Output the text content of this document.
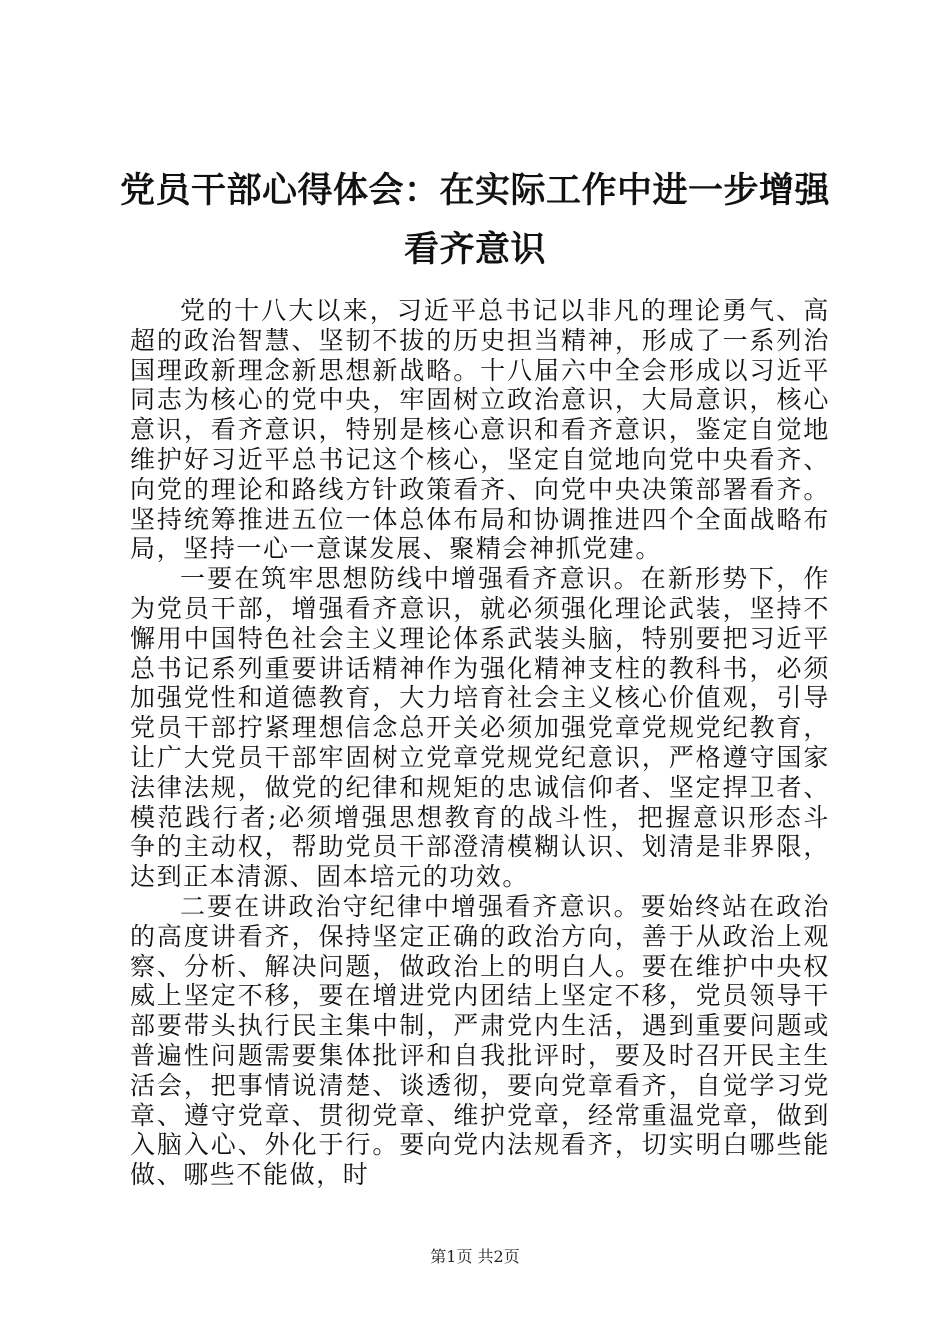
党员干部心得体会：在实际工作中进一步增强
看齐意识

党的十八大以来，习近平总书记以非凡的理论勇气、高超的政治智慧、坚韧不拔的历史担当精神，形成了一系列治国理政新理念新思想新战略。十八届六中全会形成以习近平同志为核心的党中央，牢固树立政治意识，大局意识，核心意识，看齐意识，特别是核心意识和看齐意识，鉴定自觉地维护好习近平总书记这个核心，坚定自觉地向党中央看齐、向党的理论和路线方针政策看齐、向党中央决策部署看齐。坚持统筹推进五位一体总体布局和协调推进四个全面战略布局，坚持一心一意谋发展、聚精会神抓党建。

一要在筑牢思想防线中增强看齐意识。在新形势下，作为党员干部，增强看齐意识，就必须强化理论武装，坚持不懈用中国特色社会主义理论体系武装头脑，特别要把习近平总书记系列重要讲话精神作为强化精神支柱的教科书，必须加强党性和道德教育，大力培育社会主义核心价值观，引导党员干部拧紧理想信念总开关必须加强党章党规党纪教育，让广大党员干部牢固树立党章党规党纪意识，严格遵守国家法律法规，做党的纪律和规矩的忠诚信仰者、坚定捍卫者、模范践行者;必须增强思想教育的战斗性，把握意识形态斗争的主动权，帮助党员干部澄清模糊认识、划清是非界限，达到正本清源、固本培元的功效。

二要在讲政治守纪律中增强看齐意识。要始终站在政治的高度讲看齐，保持坚定正确的政治方向，善于从政治上观察、分析、解决问题，做政治上的明白人。要在维护中央权威上坚定不移，要在增进党内团结上坚定不移，党员领导干部要带头执行民主集中制，严肃党内生活，遇到重要问题或普遍性问题需要集体批评和自我批评时，要及时召开民主生活会，把事情说清楚、谈透彻，要向党章看齐，自觉学习党章、遵守党章、贯彻党章、维护党章，经常重温党章，做到入脑入心、外化于行。要向党内法规看齐，切实明白哪些能做、哪些不能做，时

第1页 共2页
